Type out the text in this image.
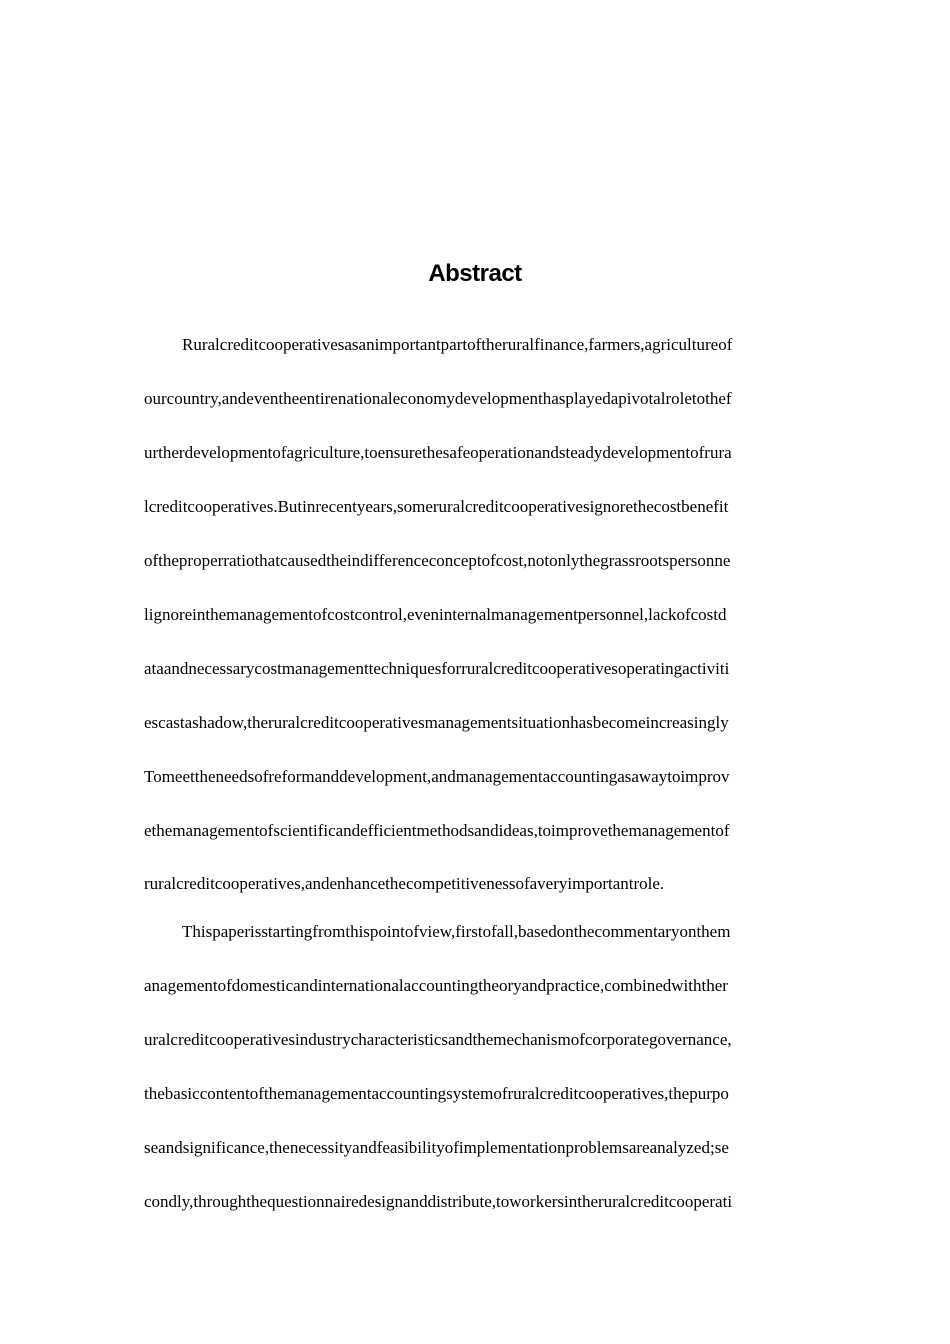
Abstract
Ruralcreditcooperativesasanimportantpartoftheruralfinance,farmers,agricultureof
ourcountry,andeventheentirenationaleconomydevelopmenthasplayedapivotalroletothef
urtherdevelopmentofagriculture,toensurethesafeoperationandsteadydevelopmentofrura
lcreditcooperatives.Butinrecentyears,someruralcreditcooperativesignorethecostbenefit
oftheproperratiothatcausedtheindifferenceconceptofcost,notonlythegrassrootspersonne
lignoreinthemanagementofcostcontrol,eveninternalmanagementpersonnel,lackofcostd
ataandnecessarycostmanagementtechniquesforruralcreditcooperativesoperatingactiviti
escastashadow,theruralcreditcooperativesmanagementsituationhasbecomeincreasingly
Tomeettheneedsofreformanddevelopment,andmanagementaccountingasawaytoimprov
ethemanagementofscientificandefficientmethodsandideas,toimprovethemanagementof
ruralcreditcooperatives,andenhancethecompetitivenessofaveryimportantrole.
Thispaperisstartingfromthispointofview,firstofall,basedonthecommentaryonthem
anagementofdomesticandinternationalaccountingtheoryandpractice,combinedwithther
uralcreditcooperativesindustrycharacteristicsandthemechanismofcorporategovernance,
thebasiccontentofthemanagementaccountingsystemofruralcreditcooperatives,thepurpo
seandsignificance,thenecessityandfeasibilityofimplementationproblemsareanalyzed;se
condly,throughthequestionnairedesignanddistribute,toworkersintheruralcreditcooperati
